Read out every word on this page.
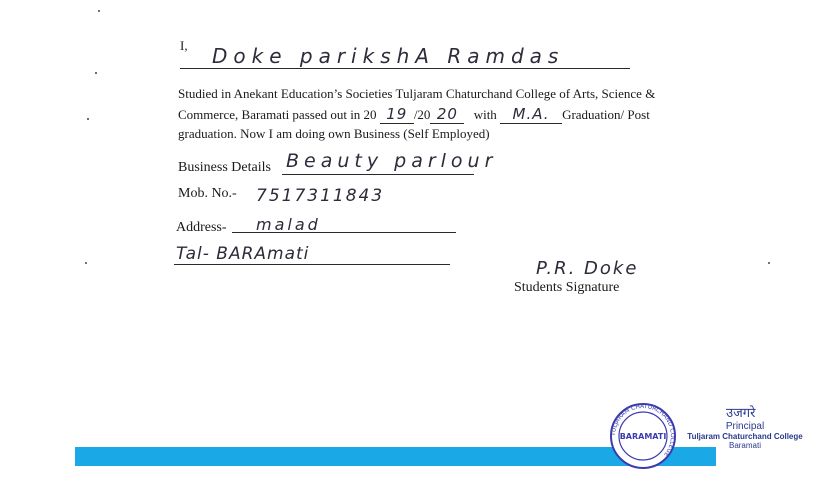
I, Doke parikshA Ramdas
Studied in Anekant Education’s Societies Tuljaram Chaturchand College of Arts, Science &
Commerce, Baramati passed out in 20 19 /20 20 with M.A. Graduation/ Post
graduation. Now I am doing own Business (Self Employed)
Business Details Beauty parlour
Mob. No.- 7517311843
Address- malad
Tal- BARAmati
P.R. Doke
Students Signature
TULJARAM CHATURCHAND COLLEGE
BARAMATI
उजगरे
Principal
Tuljaram Chaturchand College
Baramati
